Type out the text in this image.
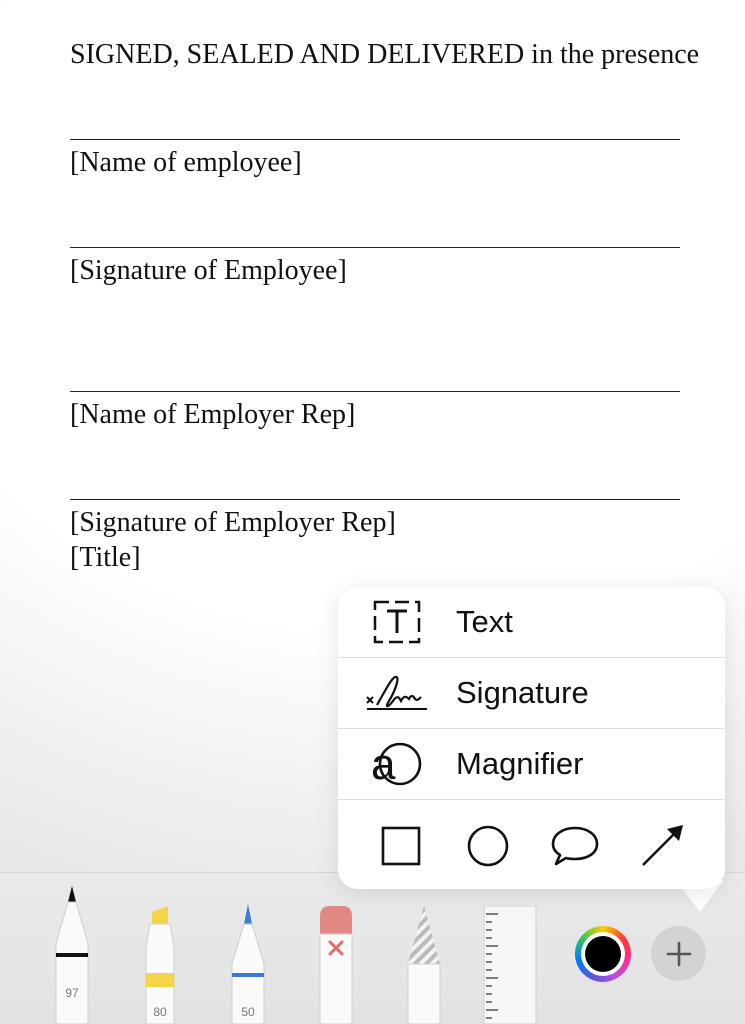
SIGNED, SEALED AND DELIVERED in the presence
[Name of employee]
[Signature of Employee]
[Name of Employer Rep]
[Signature of Employer Rep]
[Title]
97
80	50
Text
Signature
a Magnifier
